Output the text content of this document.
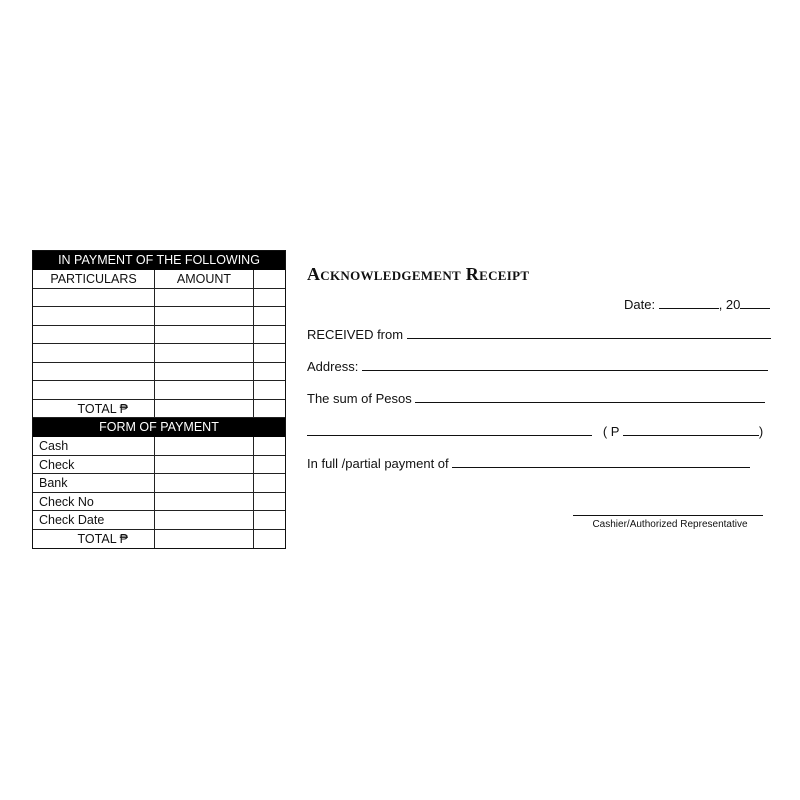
IN PAYMENT OF THE FOLLOWING
PARTICULARS	AMOUNT
TOTAL ₱
FORM OF PAYMENT
Cash
Check
Bank
Check No
Check Date
TOTAL ₱
Acknowledgement Receipt
Date:	, 20
RECEIVED from
Address:
The sum of Pesos
( P	)
In full /partial payment of
Cashier/Authorized Representative
